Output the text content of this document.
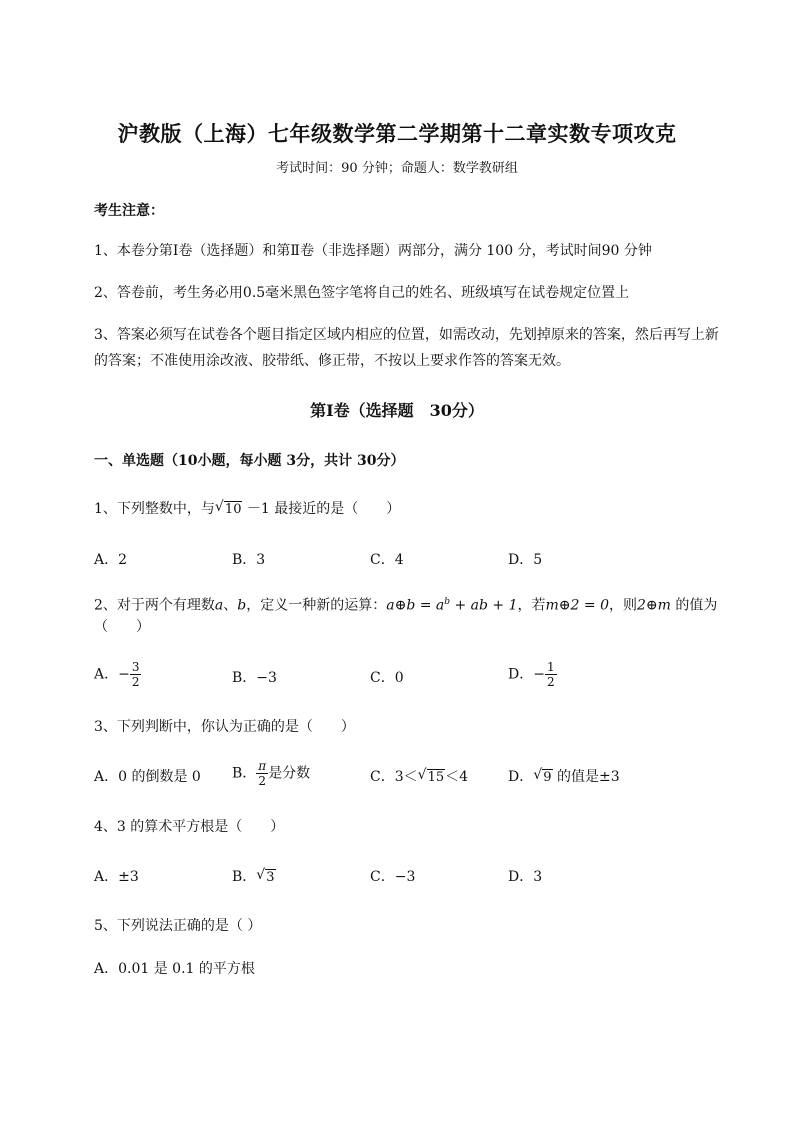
沪教版（上海）七年级数学第二学期第十二章实数专项攻克
考试时间：90 分钟；命题人：数学教研组
考生注意：
1、本卷分第Ⅰ卷（选择题）和第Ⅱ卷（非选择题）两部分，满分 100 分，考试时间90 分钟
2、答卷前，考生务必用0.5毫米黑色签字笔将自己的姓名、班级填写在试卷规定位置上
3、答案必须写在试卷各个题目指定区域内相应的位置，如需改动，先划掉原来的答案，然后再写上新
的答案；不准使用涂改液、胶带纸、修正带，不按以上要求作答的答案无效。
第Ⅰ卷（选择题　30分）
一、单选题（10小题，每小题 3分，共计 30分）
1、下列整数中，与 √ 10 －1 最接近的是（　　）
A．2	B．3	C．4	D．5
2、对于两个有理数a、b，定义一种新的运算：a⊕b = $a^b$ + ab + 1，若m⊕2 = 0，则2⊕m 的值为
（　　）
A．− $\frac{3}{2}$	B．−3	C．0	D．− $\frac{1}{2}$
3、下列判断中，你认为正确的是（　　）
A．0 的倒数是 0 B． $\frac{\pi}{2}$ 是分数	C．3＜ √ 15＜4	D． √ 9 的值是±3
4、3 的算术平方根是（　　）
A．±3	B． √ 3	C．−3	D．3
5、下列说法正确的是（ ）
A．0.01 是 0.1 的平方根
